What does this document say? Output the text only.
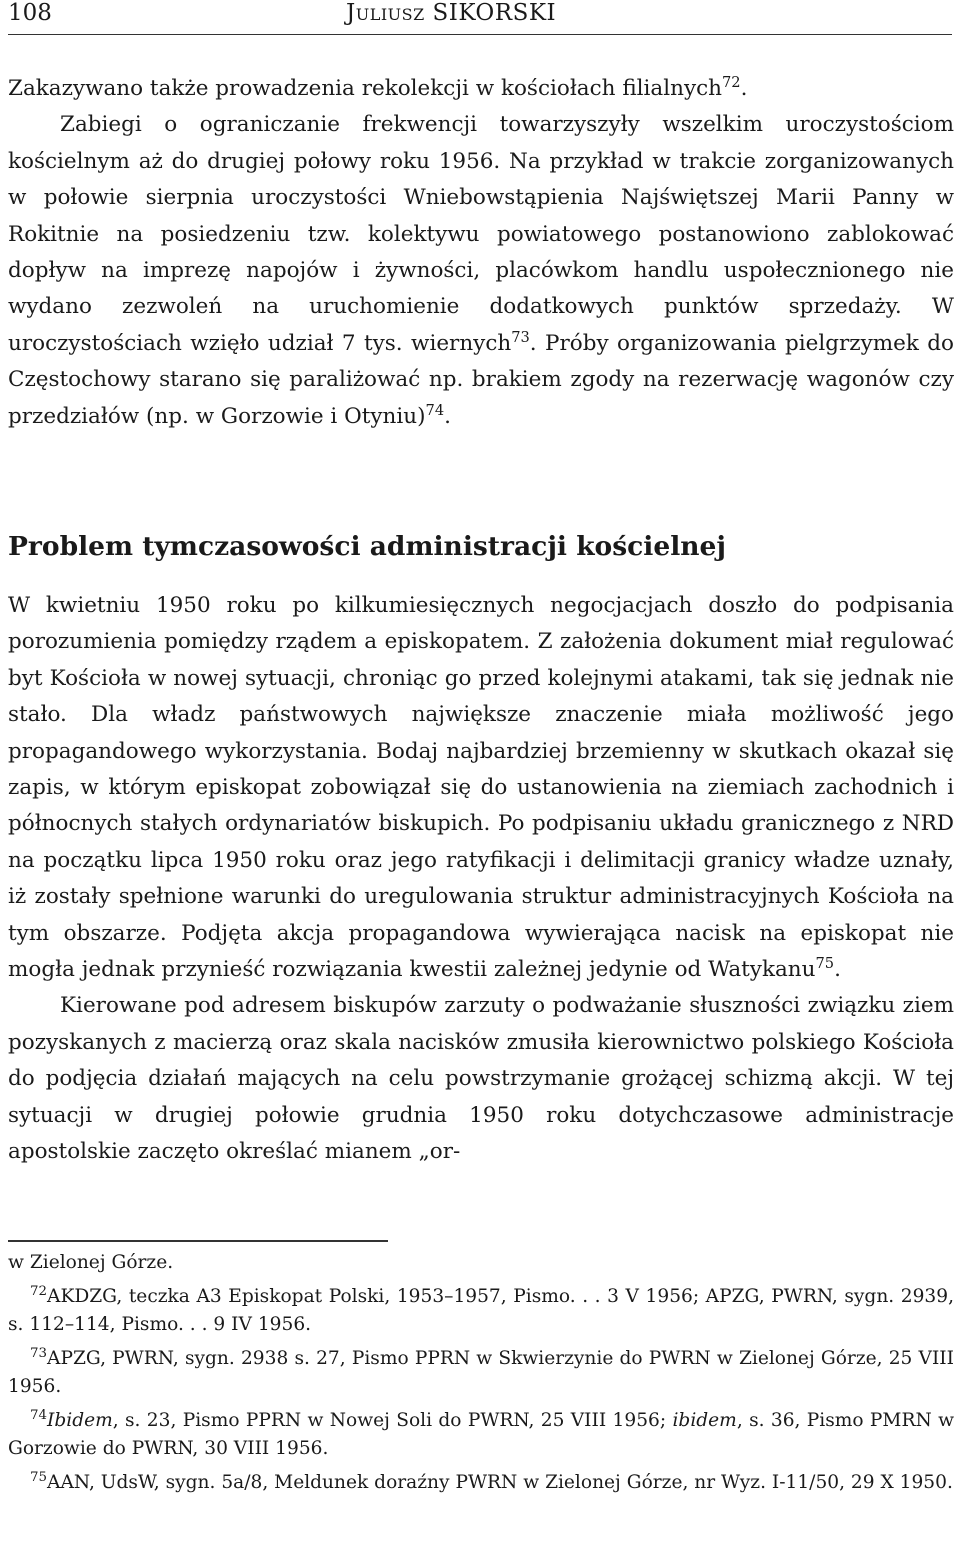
108	Juliusz SIKORSKI

Zakazywano także prowadzenia rekolekcji w kościołach filialnych$^{72}$.
Zabiegi o ograniczanie frekwencji towarzyszyły wszelkim uroczystościom kościelnym aż do drugiej połowy roku 1956. Na przykład w trakcie zorganizowanych w połowie sierpnia uroczystości Wniebowstąpienia Najświętszej Marii Panny w Rokitnie na posiedzeniu tzw. kolektywu powiatowego postanowiono zablokować dopływ na imprezę napojów i żywności, placówkom handlu uspołecznionego nie wydano zezwoleń na uruchomienie dodatkowych punktów sprzedaży. W uroczystościach wzięło udział 7 tys. wiernych$^{73}$. Próby organizowania pielgrzymek do Częstochowy starano się paraliżować np. brakiem zgody na rezerwację wagonów czy przedziałów (np. w Gorzowie i Otyniu)$^{74}$.

Problem tymczasowości administracji kościelnej

W kwietniu 1950 roku po kilkumiesięcznych negocjacjach doszło do podpisania porozumienia pomiędzy rządem a episkopatem. Z założenia dokument miał regulować byt Kościoła w nowej sytuacji, chroniąc go przed kolejnymi atakami, tak się jednak nie stało. Dla władz państwowych największe znaczenie miała możliwość jego propagandowego wykorzystania. Bodaj najbardziej brzemienny w skutkach okazał się zapis, w którym episkopat zobowiązał się do ustanowienia na ziemiach zachodnich i północnych stałych ordynariatów biskupich. Po podpisaniu układu granicznego z NRD na początku lipca 1950 roku oraz jego ratyfikacji i delimitacji granicy władze uznały, iż zostały spełnione warunki do uregulowania struktur administracyjnych Kościoła na tym obszarze. Podjęta akcja propagandowa wywierająca nacisk na episkopat nie mogła jednak przynieść rozwiązania kwestii zależnej jedynie od Watykanu$^{75}$.

Kierowane pod adresem biskupów zarzuty o podważanie słuszności związku ziem pozyskanych z macierzą oraz skala nacisków zmusiła kierownictwo polskiego Kościoła do podjęcia działań mających na celu powstrzymanie grożącej schizmą akcji. W tej sytuacji w drugiej połowie grudnia 1950 roku dotychczasowe administracje apostolskie zaczęto określać mianem „or-

w Zielonej Górze.

$^{72}$AKDZG, teczka A3 Episkopat Polski, 1953–1957, Pismo. . . 3 V 1956; APZG, PWRN, sygn. 2939, s. 112–114, Pismo. . . 9 IV 1956.

$^{73}$APZG, PWRN, sygn. 2938 s. 27, Pismo PPRN w Skwierzynie do PWRN w Zielonej Górze, 25 VIII 1956.

$^{74}$Ibidem, s. 23, Pismo PPRN w Nowej Soli do PWRN, 25 VIII 1956; ibidem, s. 36, Pismo PMRN w Gorzowie do PWRN, 30 VIII 1956.

$^{75}$AAN, UdsW, sygn. 5a/8, Meldunek doraźny PWRN w Zielonej Górze, nr Wyz. I-11/50, 29 X 1950.
